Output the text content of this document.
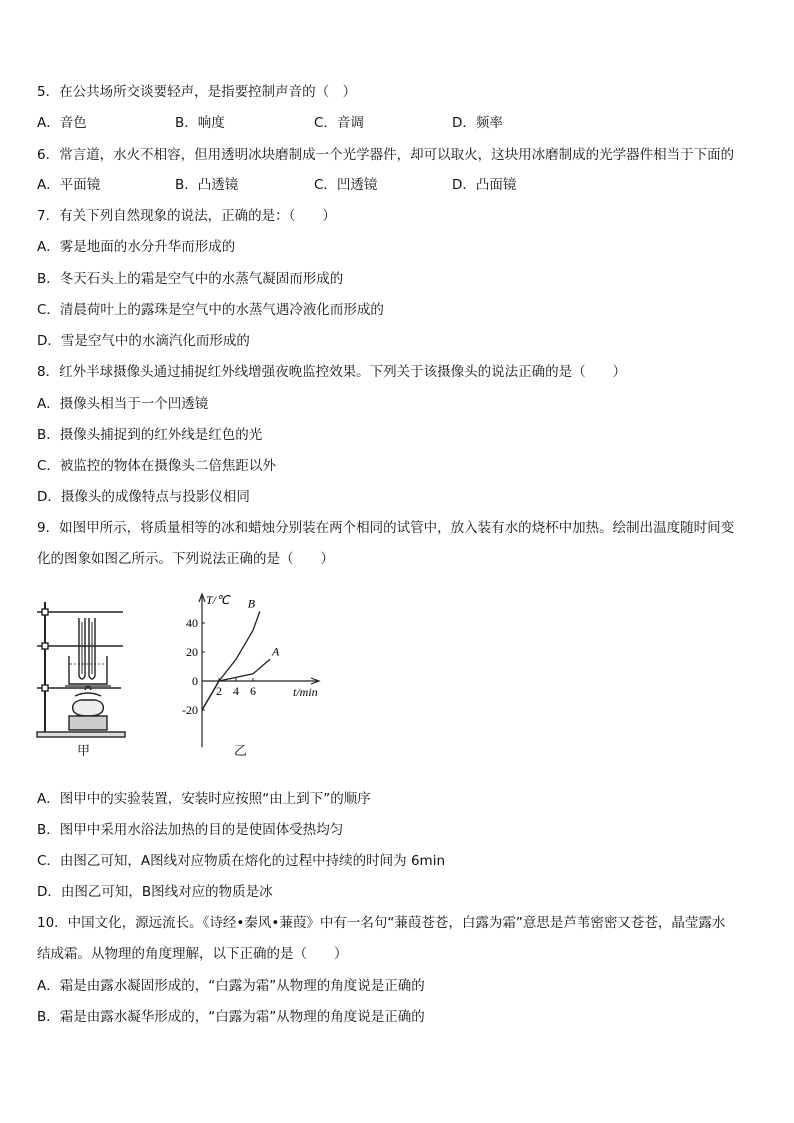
5．在公共场所交谈要轻声，是指要控制声音的（　）
A．音色	B．响度	C．音调	D．频率
6．常言道，水火不相容，但用透明冰块磨制成一个光学器件，却可以取火，这块用冰磨制成的光学器件相当于下面的
A．平面镜	B．凸透镜	C．凹透镜	D．凸面镜
7．有关下列自然现象的说法，正确的是：（　　）
A．雾是地面的水分升华而形成的
B．冬天石头上的霜是空气中的水蒸气凝固而形成的
C．清晨荷叶上的露珠是空气中的水蒸气遇冷液化而形成的
D．雪是空气中的水滴汽化而形成的
8．红外半球摄像头通过捕捉红外线增强夜晚监控效果。下列关于该摄像头的说法正确的是（　　）
A．摄像头相当于一个凹透镜
B．摄像头捕捉到的红外线是红色的光
C．被监控的物体在摄像头二倍焦距以外
D．摄像头的成像特点与投影仪相同
9．如图甲所示，将质量相等的冰和蜡烛分别装在两个相同的试管中，放入装有水的烧杯中加热。绘制出温度随时间变
化的图象如图乙所示。下列说法正确的是（　　）
甲
T/℃
t/min
40
20
0
-20
2 4 6
A
B
乙
A．图甲中的实验装置，安装时应按照“由上到下”的顺序
B．图甲中采用水浴法加热的目的是使固体受热均匀
C．由图乙可知，A图线对应物质在熔化的过程中持续的时间为 6min
D．由图乙可知，B图线对应的物质是冰
10．中国文化，源远流长。《诗经•秦风•蒹葭》中有一名句“蒹葭苍苍，白露为霜”意思是芦苇密密又苍苍，晶莹露水
结成霜。从物理的角度理解，以下正确的是（　　）
A．霜是由露水凝固形成的，“白露为霜”从物理的角度说是正确的
B．霜是由露水凝华形成的，“白露为霜”从物理的角度说是正确的
